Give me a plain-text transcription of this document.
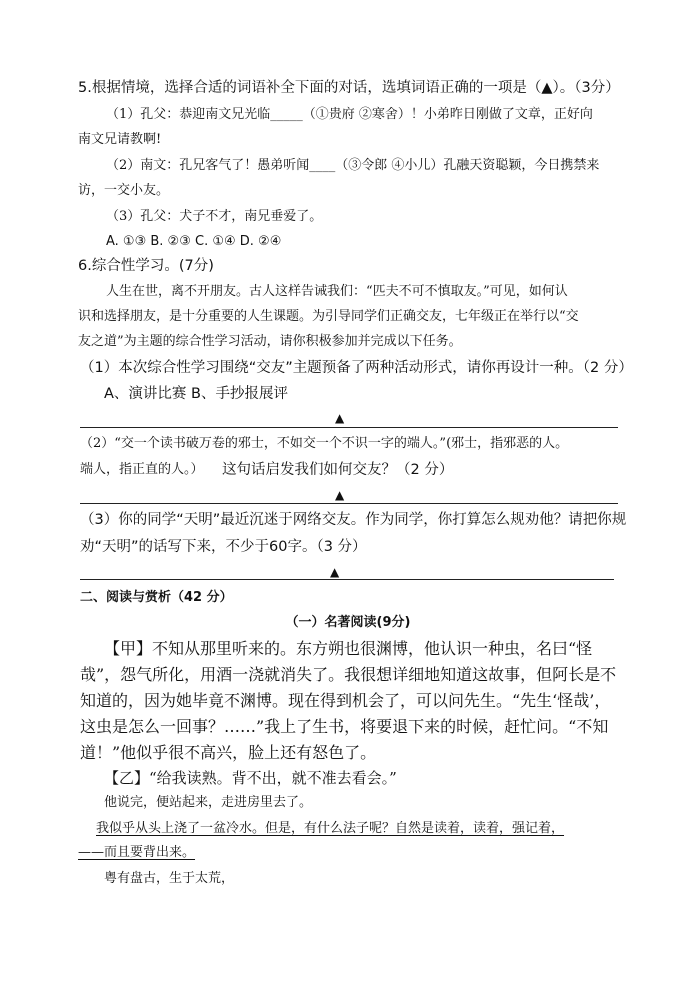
5.根据情境，选择合适的词语补全下面的对话，选填词语正确的一项是（▲）。（3分）
（1）孔父：恭迎南文兄光临_____（①贵府 ②寒舍）！小弟昨日刚做了文章，正好向
南文兄请教啊!
（2）南文：孔兄客气了！愚弟听闻____（③令郎 ④小儿）孔融天资聪颖，今日携禁来
访，一交小友。
（3）孔父：犬子不才，南兄垂爱了。
A. ①③ B. ②③ C. ①④ D. ②④
6.综合性学习。(7分)
人生在世，离不开朋友。古人这样告诫我们：“匹夫不可不慎取友。”可见，如何认
识和选择朋友，是十分重要的人生课题。为引导同学们正确交友，七年级正在举行以“交
友之道”为主题的综合性学习活动，请你积极参加并完成以下任务。
（1）本次综合性学习围绕“交友”主题预备了两种活动形式，请你再设计一种。（2 分）
A、演讲比赛 B、手抄报展评
▲
（2）“交一个读书破万卷的邪士，不如交一个不识一字的端人。”(邪士，指邪恶的人。
端人，指正直的人。） 这句话启发我们如何交友？（2 分）
▲
（3）你的同学“天明”最近沉迷于网络交友。作为同学，你打算怎么规劝他？请把你规
劝“天明”的话写下来，不少于60字。（3 分）
▲
二、阅读与赏析（42 分）
（一）名著阅读(9分)
【甲】不知从那里听来的。东方朔也很渊博，他认识一种虫，名曰“怪
哉”，怨气所化，用酒一浇就消失了。我很想详细地知道这故事，但阿长是不
知道的，因为她毕竟不渊博。现在得到机会了，可以问先生。“先生‘怪哉’，
这虫是怎么一回事？……”我上了生书，将要退下来的时候，赶忙问。“不知
道！”他似乎很不高兴，脸上还有怒色了。
【乙】“给我读熟。背不出，就不准去看会。”
他说完，便站起来，走进房里去了。
我似乎从头上浇了一盆冷水。但是，有什么法子呢？自然是读着，读着，强记着，
——而且要背出来。
粤有盘古，生于太荒，
